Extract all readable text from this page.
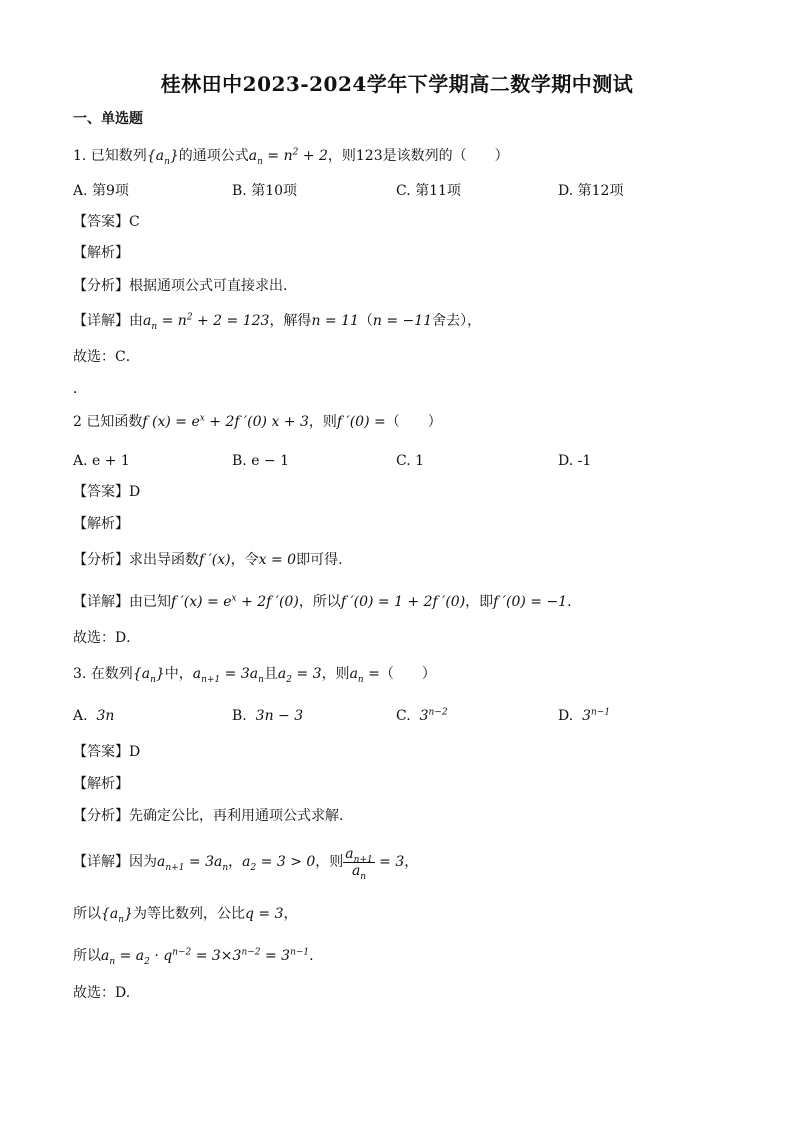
桂林田中2023-2024学年下学期高二数学期中测试
一、单选题
1. 已知数列$\{a_n\}$的通项公式$a_n = n^2 + 2$，则123是该数列的（　　）
A. 第9项	B. 第10项	C. 第11项	D. 第12项
【答案】C
【解析】
【分析】根据通项公式可直接求出.
【详解】由$a_n = n^2 + 2 = 123$，解得n = 11（n = −11舍去），
故选：C．
．
2 已知函数f $(x) = e^x + 2f$ ′(0) x + 3，则f ′(0) =（　　）
A. e + 1	B. e − 1	C. 1	D. -1
【答案】D
【解析】
【分析】求出导函数f ′(x)，令x = 0即可得.
【详解】由已知f $'(x) = e^x + 2f$ ′(0)，所以f ′(0) = 1 + 2f ′(0)，即f ′(0) = −1.
故选：D．
3. 在数列$\{a_n\}$中，$a_{n+1} = 3a_n$且$a_2 = 3$，则$a_n$ =（　　）
A. 3n	B. 3n − 3	C. $3^{n-2}$	D. $3^{n-1}$
【答案】D
【解析】
【分析】先确定公比，再利用通项公式求解.
【详解】因为$a_{n+1} = 3a_n$，$a_2 = 3 > 0$，则 $\frac{a_{n+1}}{a_n} = 3$，
所以$\{a_n\}$为等比数列，公比q = 3，
所以$a_n = a_2 \cdot q^{n-2} = 3\times 3^{n-2} = 3^{n-1}$.
故选：D.
